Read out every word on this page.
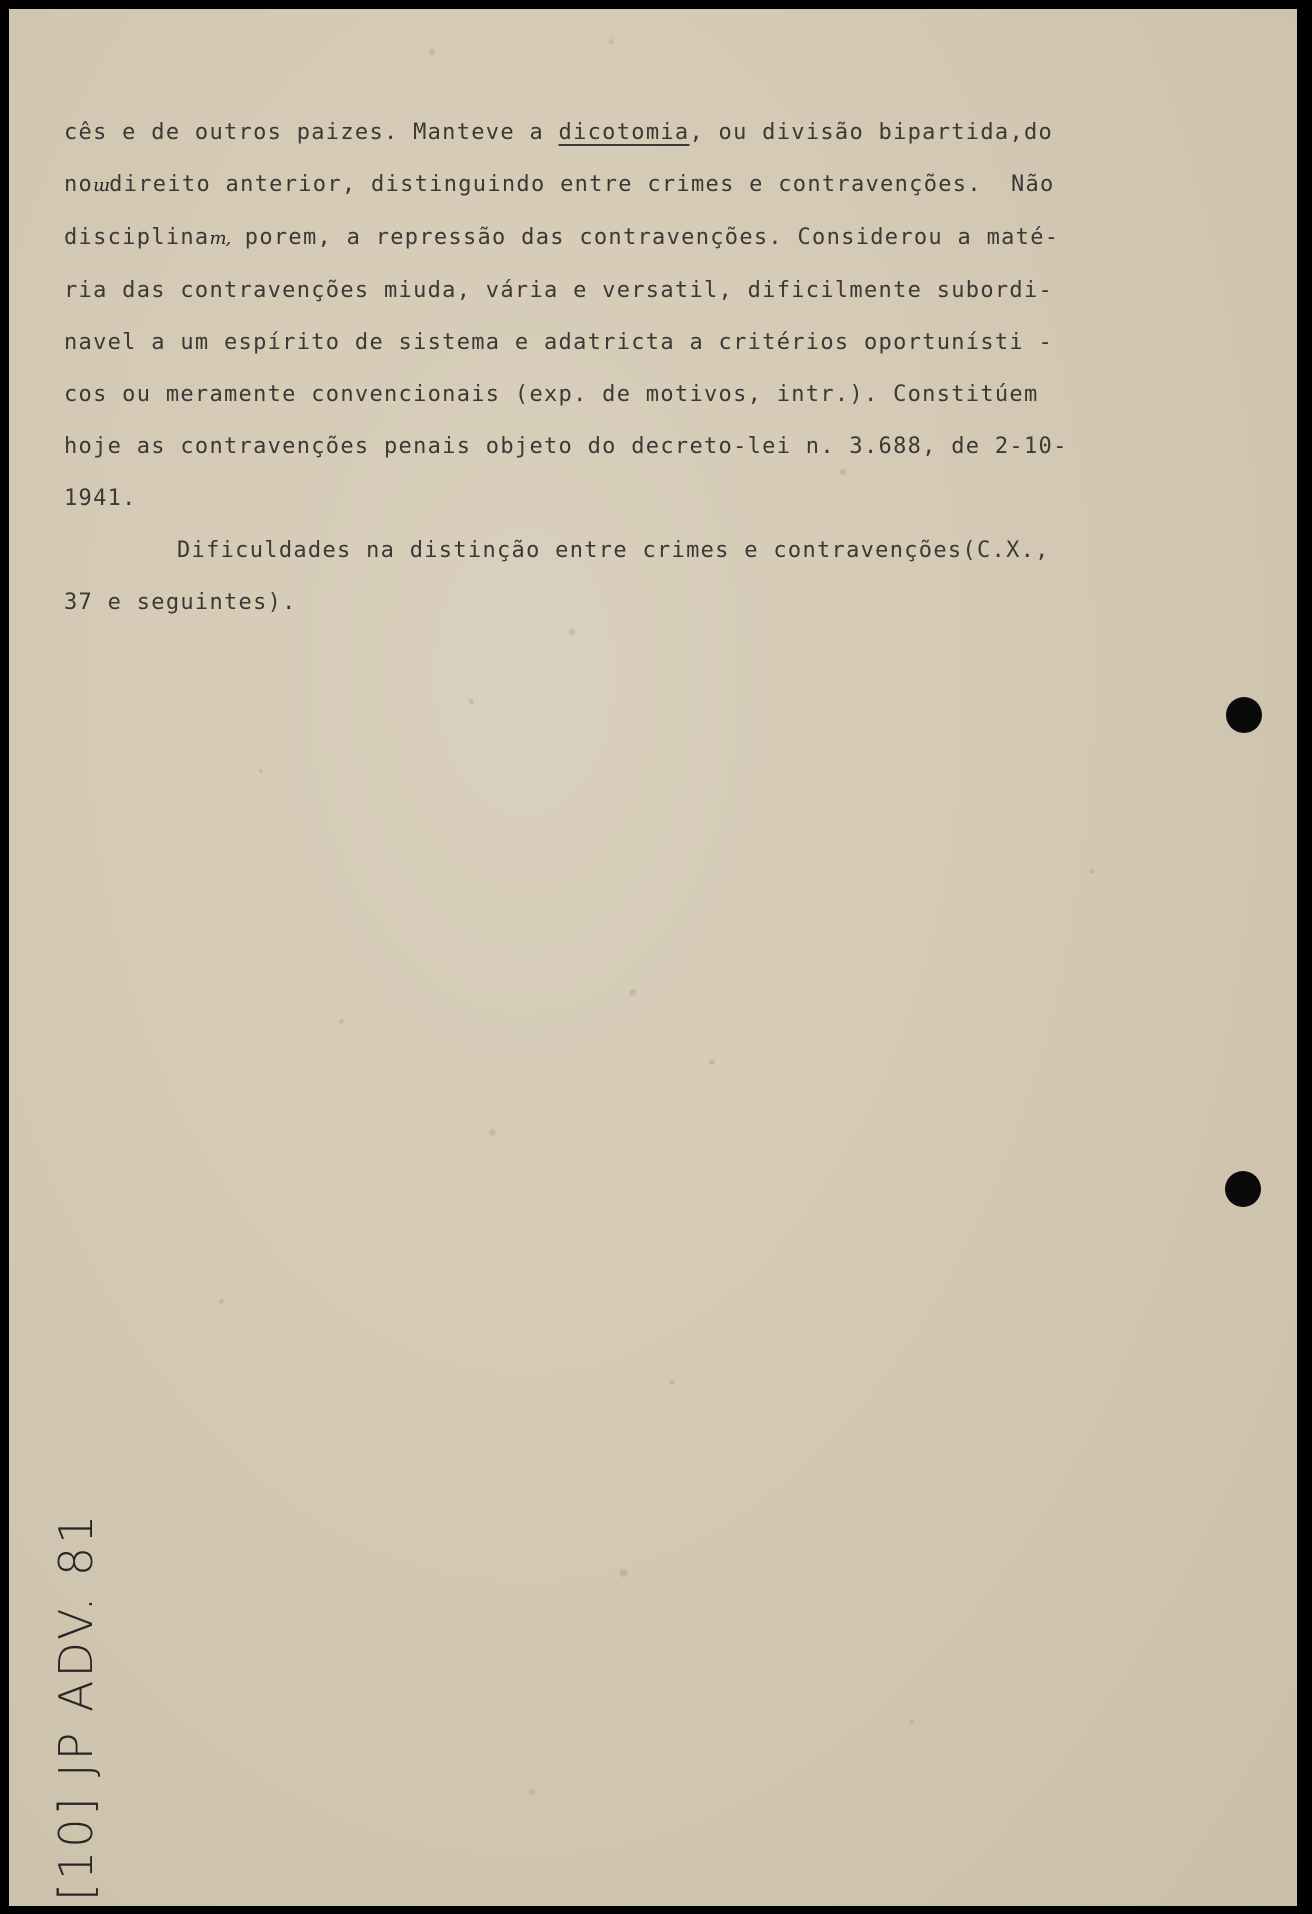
cês e de outros paizes. Manteve a dicotomia, ou divisão bipartida,do
noɯdireito anterior, distinguindo entre crimes e contravenções.  Não
disciplinam, porem, a repressão das contravenções. Considerou a maté-
ria das contravenções miuda, vária e versatil, dificilmente subordi-
navel a um espírito de sistema e adatricta a critérios oportunísti -
cos ou meramente convencionais (exp. de motivos, intr.). Constitúem
hoje as contravenções penais objeto do decreto-lei n. 3.688, de 2-10-
1941.
Dificuldades na distinção entre crimes e contravenções(C.X.,
37 e seguintes).
[10] JP ADV. 81
